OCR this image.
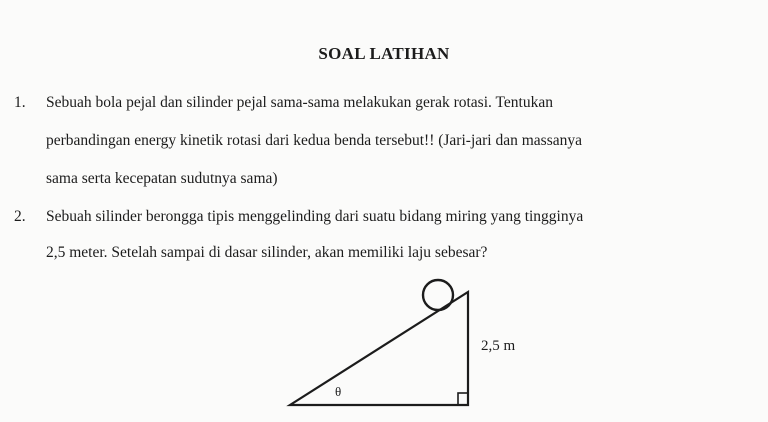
SOAL LATIHAN
1. Sebuah bola pejal dan silinder pejal sama-sama melakukan gerak rotasi. Tentukan
perbandingan energy kinetik rotasi dari kedua benda tersebut!! (Jari-jari dan massanya
sama serta kecepatan sudutnya sama)
2. Sebuah silinder berongga tipis menggelinding dari suatu bidang miring yang tingginya
2,5 meter. Setelah sampai di dasar silinder, akan memiliki laju sebesar?
2,5 m
θ
